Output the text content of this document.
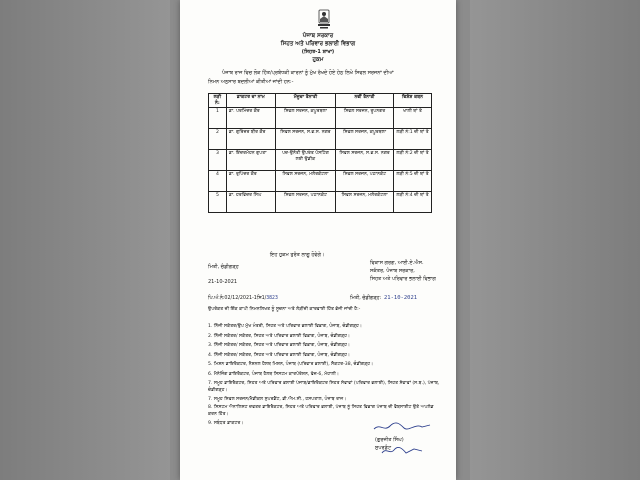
ਪੰਜਾਬ ਸਰਕਾਰ
ਸਿਹਤ ਅਤੇ ਪਰਿਵਾਰ ਭਲਾਈ ਵਿਭਾਗ
(ਸਿਹਤ-1 ਸ਼ਾਖਾ)
ਹੁਕਮ

ਪੰਜਾਬ ਰਾਜ ਵਿਚ ਲੋਕ ਹਿੱਤ/ਪ੍ਰਬੰਧਕੀ ਕਾਰਨਾਂ ਨੂੰ ਮੁੱਖ ਰੱਖਦੇ ਹੋਏ ਹੇਠ ਲਿਖੇ ਸਿਵਲ ਸਰਜਨਾਂ ਦੀਆਂ

ਨਿਮਨ ਅਨੁਸਾਰ ਬਦਲੀਆਂ ਕੀਤੀਆਂ ਜਾਂਦੀ ਹਨ:-

ਲੜੀ ਨੰ:	ਡਾਕਟਰ ਦਾ ਨਾਮ	ਮੌਜੂਦਾ ਤੈਨਾਤੀ	ਨਵੀਂ ਤੈਨਾਤੀ	ਵਿਸ਼ੇਸ਼ ਕਥਨ
1	ਡਾ. ਪਰਮਿੰਦਰ ਕੌਰ	ਸਿਵਲ ਸਰਜਨ, ਕਪੂਰਥਲਾ	ਸਿਵਲ ਸਰਜਨ, ਰੂਪਨਗਰ	ਖਾਲੀ ਥਾਂ ਤੇ
2	ਡਾ. ਗੁਰਿੰਦਰ ਬੀਰ ਕੌਰ	ਸਿਵਲ ਸਰਜਨ, ਸ.ਭ.ਸ. ਨਗਰ	ਸਿਵਲ ਸਰਜਨ, ਕਪੂਰਥਲਾ	ਲੜੀ ਨੰ:1 ਦੀ ਥਾਂ ਤੇ
3	ਡਾ. ਇੰਦਰਮੋਹਨ ਗੁਪਤਾ	ਪਦ-ਉਨੱਤੀ ਉਪਰੰਤ ਪੋਸਟਿੰਗ ਲਈ ਉਡੀਕ	ਸਿਵਲ ਸਰਜਨ, ਸ.ਭ.ਸ. ਨਗਰ	ਲੜੀ ਨੰ:2 ਦੀ ਥਾਂ ਤੇ
4	ਡਾ. ਰੁਪਿੰਦਰ ਕੌਰ	ਸਿਵਲ ਸਰਜਨ, ਮਲੇਰਕੋਟਲਾ	ਸਿਵਲ ਸਰਜਨ, ਪਠਾਨਕੋਟ	ਲੜੀ ਨੰ:5 ਦੀ ਥਾਂ ਤੇ
5	ਡਾ. ਹਰਵਿੰਦਰ ਸਿੰਘ	ਸਿਵਲ ਸਰਜਨ, ਪਠਾਨਕੋਟ	ਸਿਵਲ ਸਰਜਨ, ਮਲੇਰਕੋਟਲਾ	ਲੜੀ ਨੰ:4 ਦੀ ਥਾਂ ਤੇ
ਇਹ ਹੁਕਮ ਤੁਰੰਤ ਲਾਗੂ ਹੋਵੇਗੇ।
ਵਿਕਾਸ ਗਰਗ, ਆਈ.ਏ.ਐਸ.
ਸਕੱਤਰ, ਪੰਜਾਬ ਸਰਕਾਰ,
ਸਿਹਤ ਅਤੇ ਪਰਿਵਾਰ ਭਲਾਈ ਵਿਭਾਗ
ਮਿਤੀ, ਚੰਡੀਗੜ੍ਹ
21-10-2021
ਪਿ.ਅੰ.ਨੰ:02/12/2021-1ਸਿ1/3823	ਮਿਤੀ, ਚੰਡੀਗੜ੍ਹ: 21-10-2021
ਉਪਰੋਕਤ ਦੀ ਇੱਕ ਕਾਪੀ ਨਿਮਨਲਿਖਤ ਨੂੰ ਸੂਚਨਾ ਅਤੇ ਲੋੜੀਂਦੀ ਕਾਰਵਾਈ ਹਿੱਤ ਭੇਜੀ ਜਾਂਦੀ ਹੈ:-
1. ਨਿੱਜੀ ਸਕੱਤਰ/ਉਪ ਮੁੱਖ ਮੰਤਰੀ, ਸਿਹਤ ਅਤੇ ਪਰਿਵਾਰ ਭਲਾਈ ਵਿਭਾਗ, ਪੰਜਾਬ, ਚੰਡੀਗੜ੍ਹ।
2. ਨਿੱਜੀ ਸਕੱਤਰ/ ਸਕੱਤਰ, ਸਿਹਤ ਅਤੇ ਪਰਿਵਾਰ ਭਲਾਈ ਵਿਭਾਗ, ਪੰਜਾਬ, ਚੰਡੀਗੜ੍ਹ।
3. ਨਿੱਜੀ ਸਕੱਤਰ/ ਸਕੱਤਰ, ਸਿਹਤ ਅਤੇ ਪਰਿਵਾਰ ਭਲਾਈ ਵਿਭਾਗ, ਪੰਜਾਬ, ਚੰਡੀਗੜ੍ਹ।
4. ਨਿੱਜੀ ਸਕੱਤਰ/ ਸਕੱਤਰ, ਸਿਹਤ ਅਤੇ ਪਰਿਵਾਰ ਭਲਾਈ ਵਿਭਾਗ, ਪੰਜਾਬ, ਚੰਡੀਗੜ੍ਹ।
5. ਮਿਸ਼ਨ ਡਾਇਰੈਕਟਰ, ਨੈਸ਼ਨਲ ਹੈਲਥ ਮਿਸ਼ਨ, ਪੰਜਾਬ (ਪਰਿਵਾਰ ਭਲਾਈ), ਸੈਕਟਰ-38, ਚੰਡੀਗੜ੍ਹ।
6. ਮੈਨੇਜਿੰਗ ਡਾਇਰੈਕਟਰ, ਪੰਜਾਬ ਹੈਲਥ ਸਿਸਟਮ ਕਾਰਪੋਰੇਸ਼ਨ, ਫੇਜ਼-6, ਮੋਹਾਲੀ।
7. ਸਮੂਹ ਡਾਇਰੈਕਟਰ, ਸਿਹਤ ਅਤੇ ਪਰਿਵਾਰ ਭਲਾਈ ਪੰਜਾਬ/ਡਾਇਰੈਕਟਰ ਸਿਹਤ ਸੇਵਾਵਾਂ (ਪਰਿਵਾਰ ਭਲਾਈ), ਸਿਹਤ ਸੇਵਾਵਾਂ (ਸ.ਬ.), ਪੰਜਾਬ, ਚੰਡੀਗੜ੍ਹ।
7. ਸਮੂਹ ਸਿਵਲ ਸਰਜਨ/ਮੈਡੀਕਲ ਸੁਪਰਡੈਂਟ, ਡੀ.ਐਮ.ਸੀ., ਹਸਪਤਾਲ, ਪੰਜਾਬ ਰਾਜ।
8. ਸਿਸਟਮ ਐਨਾਲਿਸਟ ਦਫਤਰ ਡਾਇਰੈਕਟਰ, ਸਿਹਤ ਅਤੇ ਪਰਿਵਾਰ ਭਲਾਈ, ਪੰਜਾਬ ਨੂੰ ਸਿਹਤ ਵਿਭਾਗ ਪੰਜਾਬ ਦੀ ਵੈਬਸਾਈਟ ਉਤੇ ਅਪਲੋਡ ਕਰਨ ਹਿੱਤ।
9. ਸਬੰਧਤ ਡਾਕਟਰ।
(ਗੁਰਜੀਤ ਸਿੰਘ)
ਸੁਪਰਡੰਟ
